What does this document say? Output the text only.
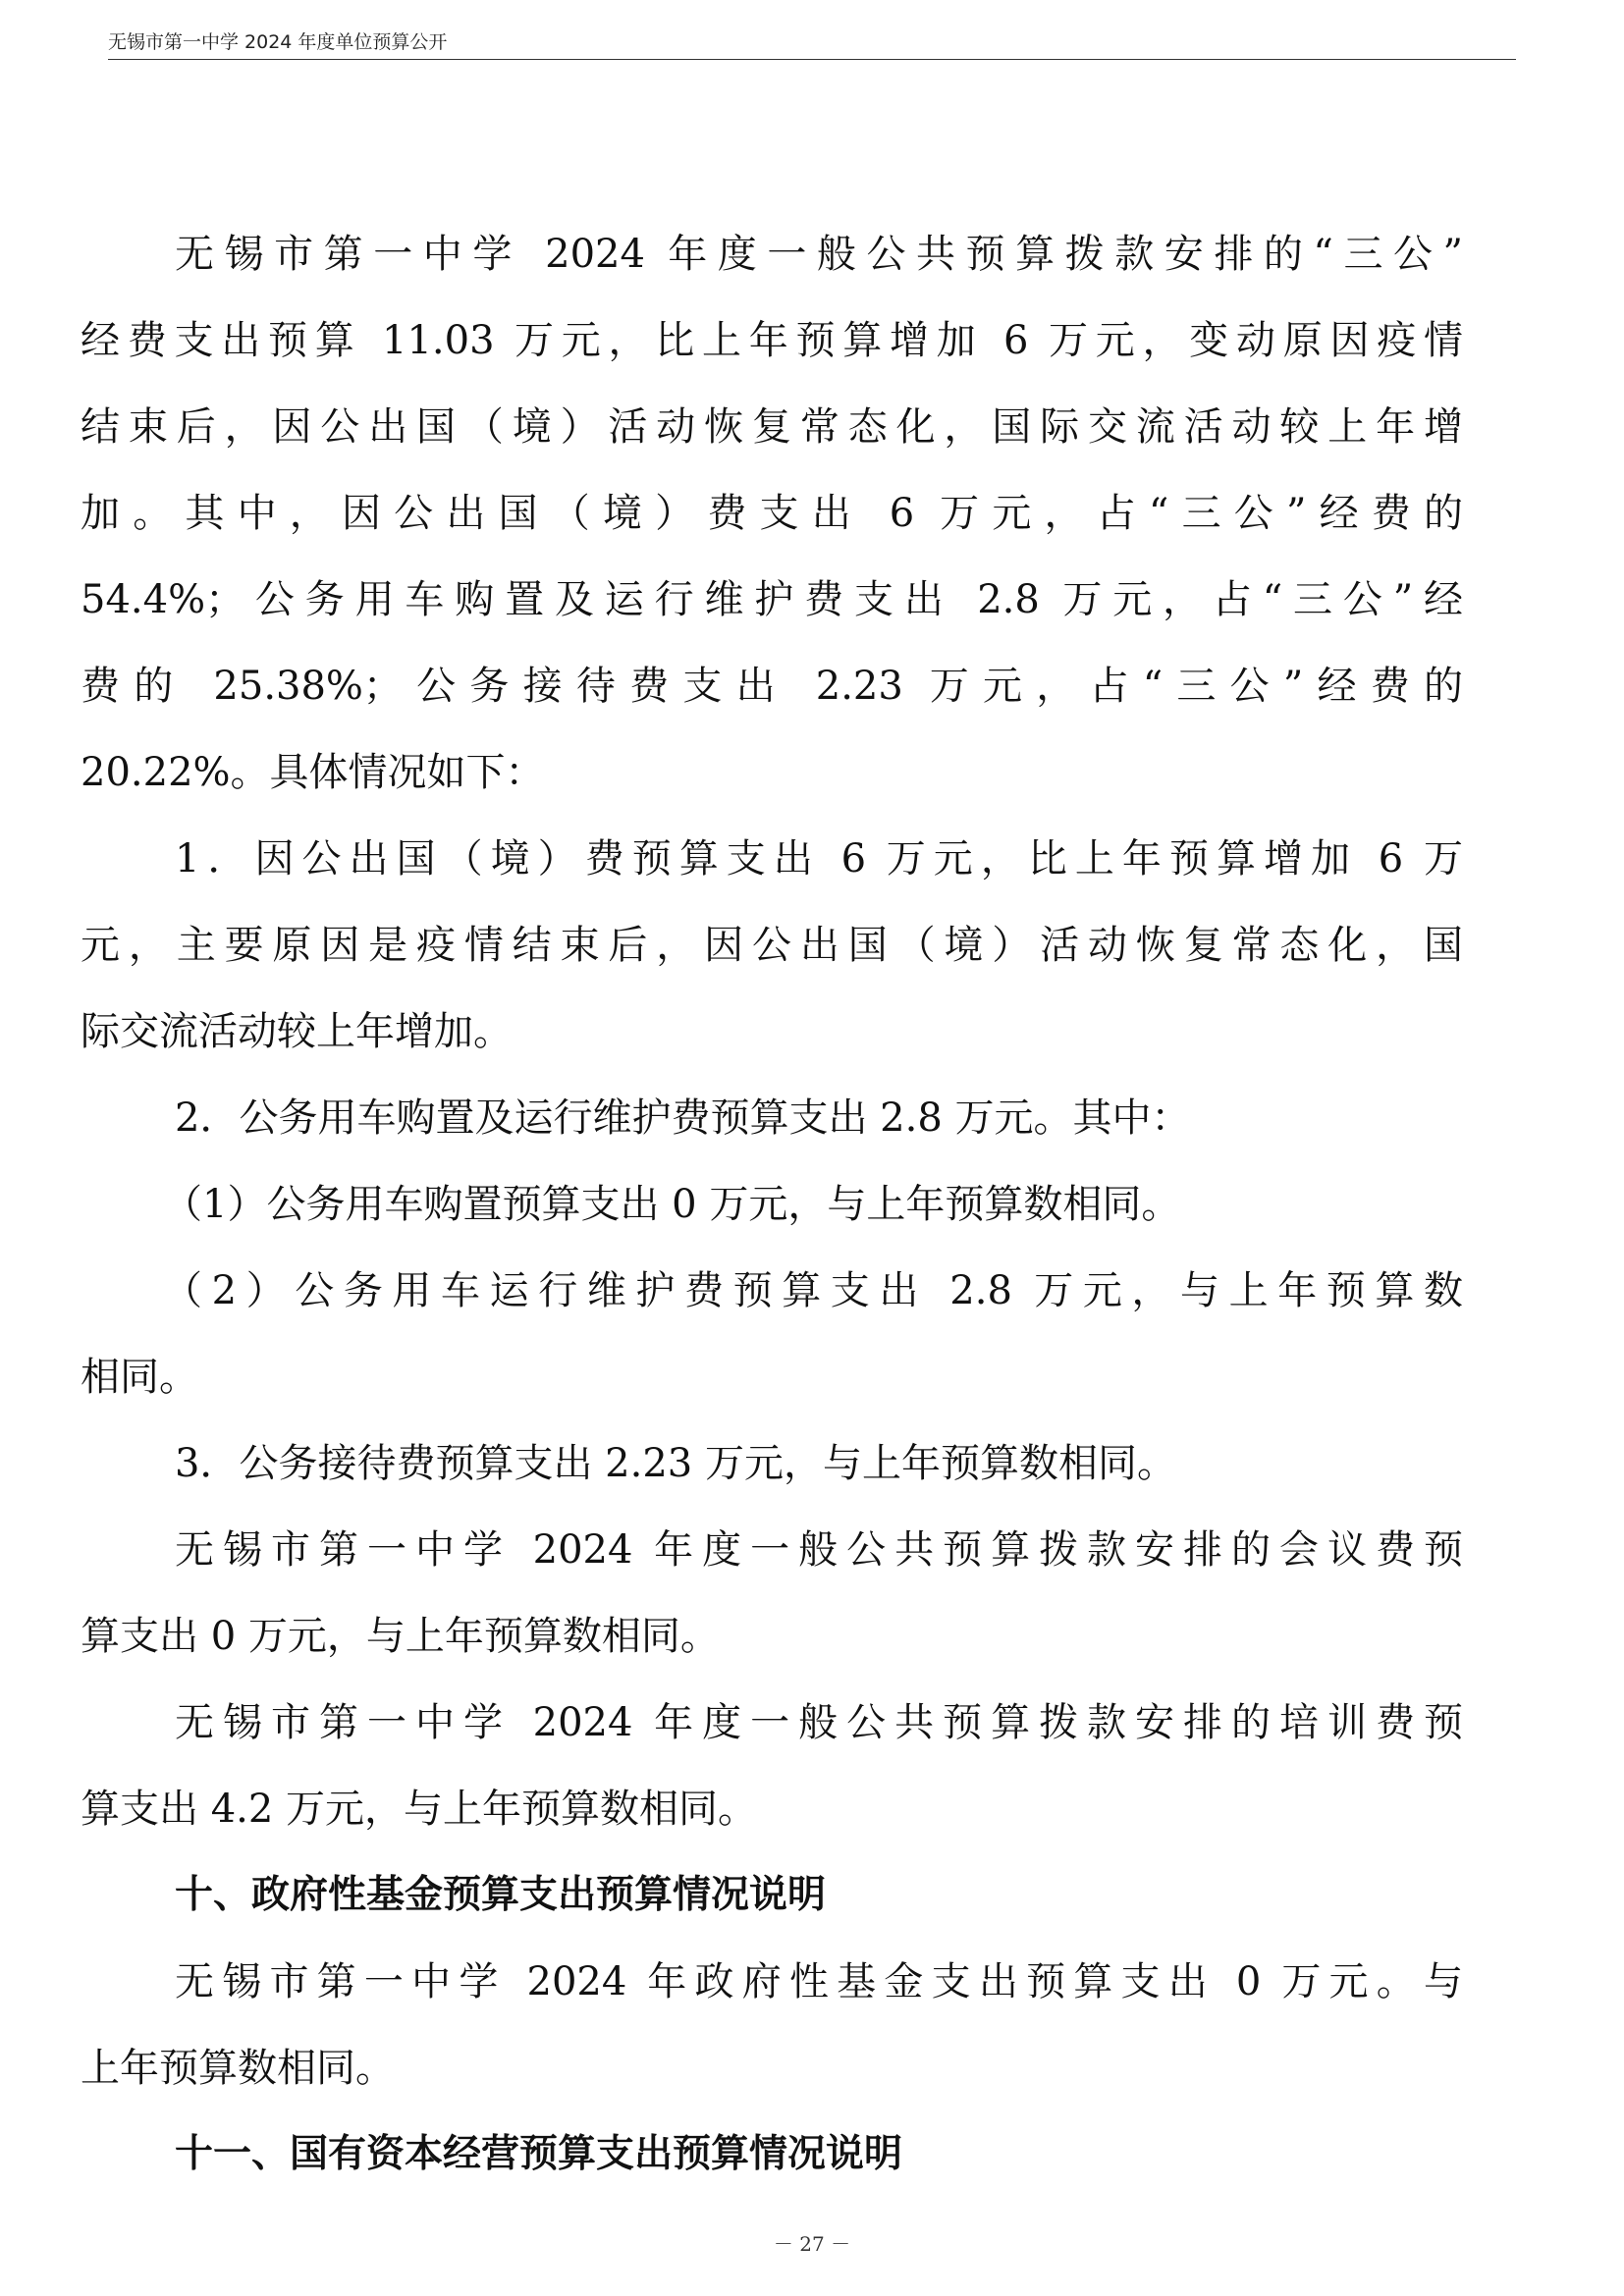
无锡市第一中学 2024 年度单位预算公开
无锡市第一中学 2024 年度一般公共预算拨款安排的“三公”
经费支出预算 11.03 万元，比上年预算增加 6 万元，变动原因疫情
结束后，因公出国（境）活动恢复常态化，国际交流活动较上年增
加。其中，因公出国（境）费支出 6 万元，占“三公”经费的
54.4%；公务用车购置及运行维护费支出 2.8 万元，占“三公”经
费的 25.38%；公务接待费支出 2.23 万元，占“三公”经费的
20.22%。具体情况如下：
1．因公出国（境）费预算支出 6 万元，比上年预算增加 6 万
元，主要原因是疫情结束后，因公出国（境）活动恢复常态化，国
际交流活动较上年增加。
2．公务用车购置及运行维护费预算支出 2.8 万元。其中：
（1）公务用车购置预算支出 0 万元，与上年预算数相同。
（2）公务用车运行维护费预算支出 2.8 万元，与上年预算数
相同。
3．公务接待费预算支出 2.23 万元，与上年预算数相同。
无锡市第一中学 2024 年度一般公共预算拨款安排的会议费预
算支出 0 万元，与上年预算数相同。
无锡市第一中学 2024 年度一般公共预算拨款安排的培训费预
算支出 4.2 万元，与上年预算数相同。
十、政府性基金预算支出预算情况说明
无锡市第一中学 2024 年政府性基金支出预算支出 0 万元。与
上年预算数相同。
十一、国有资本经营预算支出预算情况说明
－ 27 －
